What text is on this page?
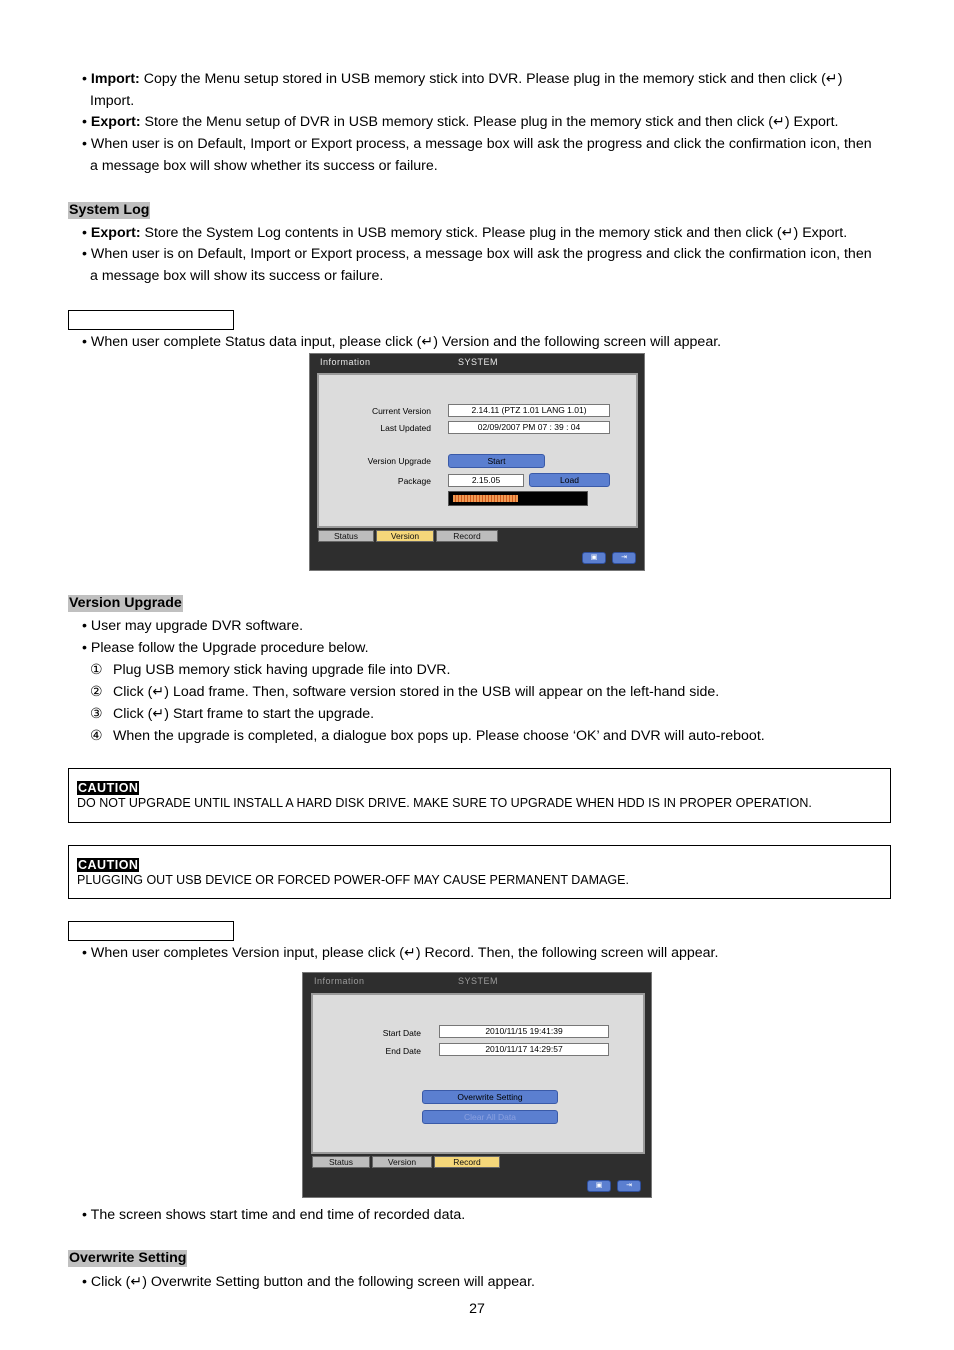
• Import: Copy the Menu setup stored in USB memory stick into DVR. Please plug in the memory stick and then click (↵)
Import.
• Export: Store the Menu setup of DVR in USB memory stick. Please plug in the memory stick and then click (↵) Export.
• When user is on Default, Import or Export process, a message box will ask the progress and click the confirmation icon, then
a message box will show whether its success or failure.
System Log
• Export: Store the System Log contents in USB memory stick. Please plug in the memory stick and then click (↵) Export.
• When user is on Default, Import or Export process, a message box will ask the progress and click the confirmation icon, then
a message box will show its success or failure.
• When user complete Status data input, please click (↵) Version and the following screen will appear.
Information	SYSTEM
Current Version	2.14.11 (PTZ 1.01 LANG 1.01)
Last Updated	02/09/2007 PM 07 : 39 : 04
Version Upgrade	Start
Package	2.15.05	Load
50%
Status	Version	Record
▣	⇥
Version Upgrade
• User may upgrade DVR software.
• Please follow the Upgrade procedure below.
① Plug USB memory stick having upgrade file into DVR.
② Click (↵) Load frame. Then, software version stored in the USB will appear on the left-hand side.
③ Click (↵) Start frame to start the upgrade.
④ When the upgrade is completed, a dialogue box pops up. Please choose ‘OK’ and DVR will auto-reboot.
CAUTION
DO NOT UPGRADE UNTIL INSTALL A HARD DISK DRIVE. MAKE SURE TO UPGRADE WHEN HDD IS IN PROPER OPERATION.
CAUTION
PLUGGING OUT USB DEVICE OR FORCED POWER-OFF MAY CAUSE PERMANENT DAMAGE.
• When user completes Version input, please click (↵) Record. Then, the following screen will appear.
Information	SYSTEM
Start Date	2010/11/15 19:41:39
End Date	2010/11/17 14:29:57
Overwrite Setting
Clear All Data
Status	Version	Record
▣	⇥
• The screen shows start time and end time of recorded data.
Overwrite Setting
• Click (↵) Overwrite Setting button and the following screen will appear.
27
